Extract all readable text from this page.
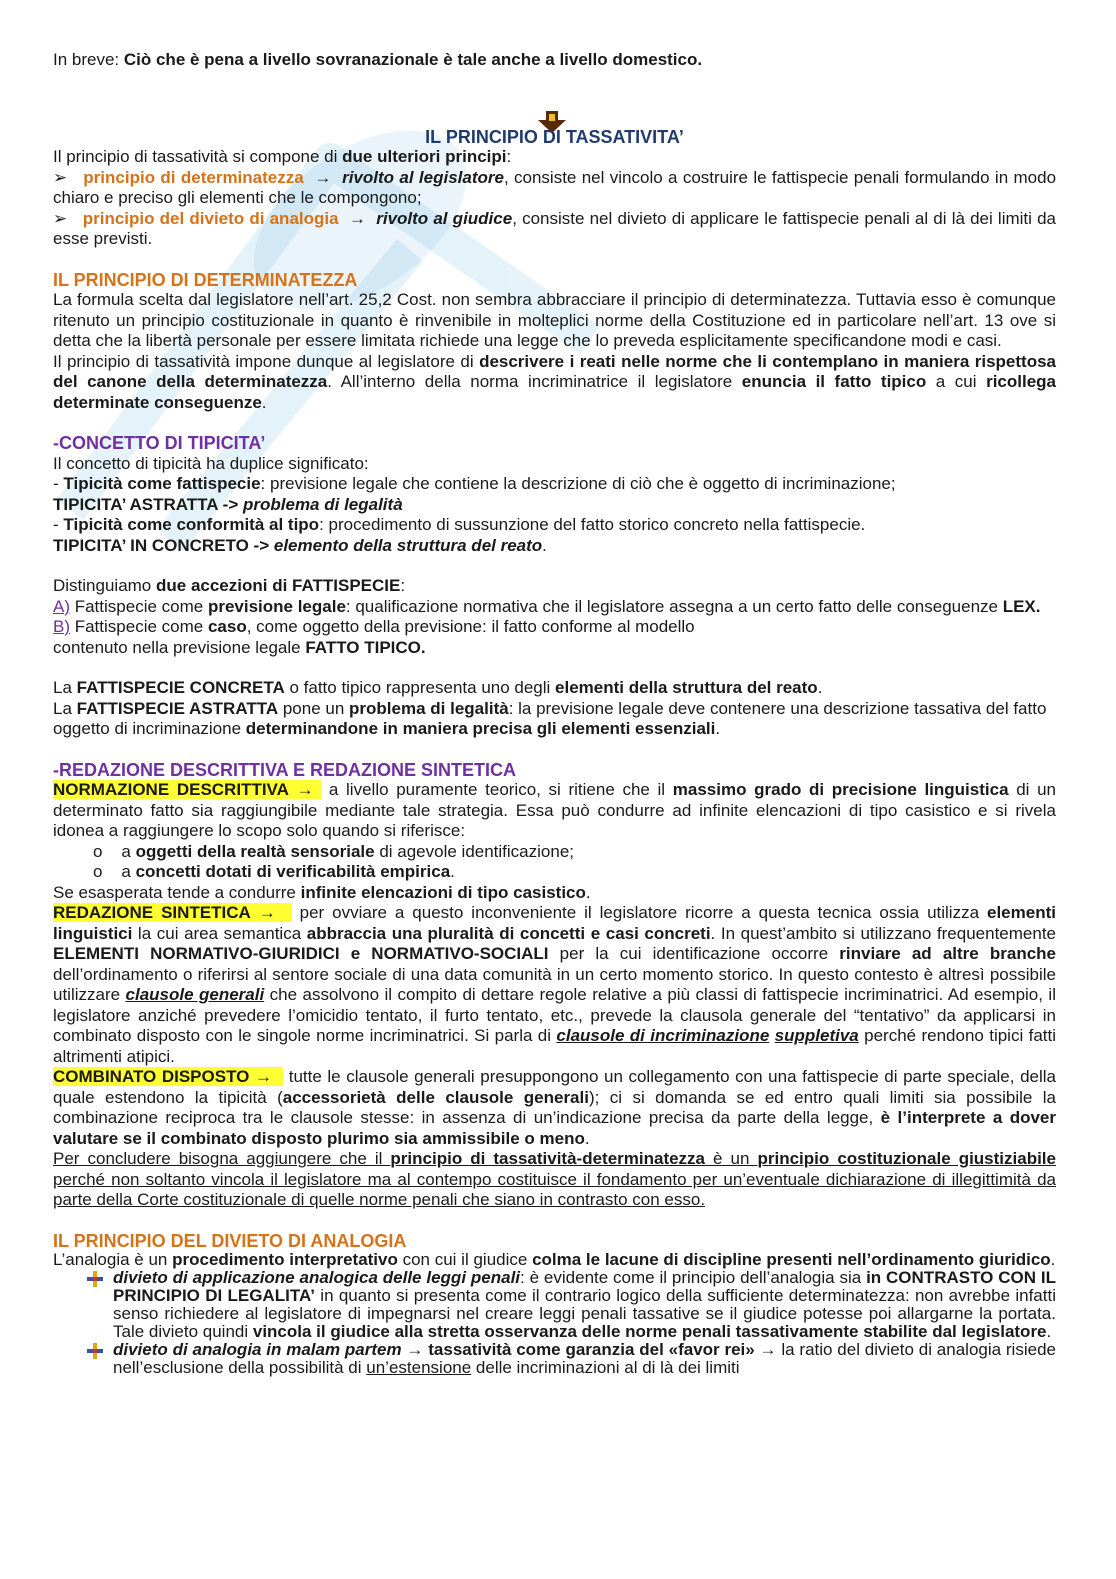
In breve: Ciò che è pena a livello sovranazionale è tale anche a livello domestico.

IL PRINCIPIO DI TASSATIVITA’

Il principio di tassatività si compone di due ulteriori principi:

➢ principio di determinatezza → rivolto al legislatore, consiste nel vincolo a costruire le fattispecie penali formulando in modo chiaro e preciso gli elementi che le compongono;

➢ principio del divieto di analogia → rivolto al giudice, consiste nel divieto di applicare le fattispecie penali al di là dei limiti da esse previsti.

IL PRINCIPIO DI DETERMINATEZZA

La formula scelta dal legislatore nell’art. 25,2 Cost. non sembra abbracciare il principio di determinatezza. Tuttavia esso è comunque ritenuto un principio costituzionale in quanto è rinvenibile in molteplici norme della Costituzione ed in particolare nell’art. 13 ove si detta che la libertà personale per essere limitata richiede una legge che lo preveda esplicitamente specificandone modi e casi.

Il principio di tassatività impone dunque al legislatore di descrivere i reati nelle norme che li contemplano in maniera rispettosa del canone della determinatezza. All’interno della norma incriminatrice il legislatore enuncia il fatto tipico a cui ricollega determinate conseguenze.

-CONCETTO DI TIPICITA’

Il concetto di tipicità ha duplice significato:

- Tipicità come fattispecie: previsione legale che contiene la descrizione di ciò che è oggetto di incriminazione;

TIPICITA’ ASTRATTA -> problema di legalità

- Tipicità come conformità al tipo: procedimento di sussunzione del fatto storico concreto nella fattispecie.

TIPICITA’ IN CONCRETO -> elemento della struttura del reato.

Distinguiamo due accezioni di FATTISPECIE:

A) Fattispecie come previsione legale: qualificazione normativa che il legislatore assegna a un certo fatto delle conseguenze LEX.

B) Fattispecie come caso, come oggetto della previsione: il fatto conforme al modello

contenuto nella previsione legale FATTO TIPICO.

La FATTISPECIE CONCRETA o fatto tipico rappresenta uno degli elementi della struttura del reato.

La FATTISPECIE ASTRATTA pone un problema di legalità: la previsione legale deve contenere una descrizione tassativa del fatto oggetto di incriminazione determinandone in maniera precisa gli elementi essenziali.

-REDAZIONE DESCRITTIVA E REDAZIONE SINTETICA

NORMAZIONE DESCRITTIVA →  a livello puramente teorico, si ritiene che il massimo grado di precisione linguistica di un determinato fatto sia raggiungibile mediante tale strategia. Essa può condurre ad infinite elencazioni di tipo casistico e si rivela idonea a raggiungere lo scopo solo quando si riferisce:

o a oggetti della realtà sensoriale di agevole identificazione;

o a concetti dotati di verificabilità empirica.

Se esasperata tende a condurre infinite elencazioni di tipo casistico.

REDAZIONE SINTETICA →   per ovviare a questo inconveniente il legislatore ricorre a questa tecnica ossia utilizza elementi linguistici la cui area semantica abbraccia una pluralità di concetti e casi concreti. In quest’ambito si utilizzano frequentemente ELEMENTI NORMATIVO-GIURIDICI e NORMATIVO-SOCIALI per la cui identificazione occorre rinviare ad altre branche dell’ordinamento o riferirsi al sentore sociale di una data comunità in un certo momento storico. In questo contesto è altresì possibile utilizzare clausole generali che assolvono il compito di dettare regole relative a più classi di fattispecie incriminatrici. Ad esempio, il legislatore anziché prevedere l’omicidio tentato, il furto tentato, etc., prevede la clausola generale del “tentativo” da applicarsi in combinato disposto con le singole norme incriminatrici. Si parla di clausole di incriminazione suppletiva perché rendono tipici fatti altrimenti atipici.

COMBINATO DISPOSTO →   tutte le clausole generali presuppongono un collegamento con una fattispecie di parte speciale, della quale estendono la tipicità (accessorietà delle clausole generali); ci si domanda se ed entro quali limiti sia possibile la combinazione reciproca tra le clausole stesse: in assenza di un’indicazione precisa da parte della legge, è l’interprete a dover valutare se il combinato disposto plurimo sia ammissibile o meno.

Per concludere bisogna aggiungere che il principio di tassatività-determinatezza è un principio costituzionale giustiziabile perché non soltanto vincola il legislatore ma al contempo costituisce il fondamento per un’eventuale dichiarazione di illegittimità da parte della Corte costituzionale di quelle norme penali che siano in contrasto con esso.

IL PRINCIPIO DEL DIVIETO DI ANALOGIA

L’analogia è un procedimento interpretativo con cui il giudice colma le lacune di discipline presenti nell’ordinamento giuridico.

divieto di applicazione analogica delle leggi penali: è evidente come il principio dell’analogia sia in CONTRASTO CON IL PRINCIPIO DI LEGALITA’ in quanto si presenta come il contrario logico della sufficiente determinatezza: non avrebbe infatti senso richiedere al legislatore di impegnarsi nel creare leggi penali tassative se il giudice potesse poi allargarne la portata. Tale divieto quindi vincola il giudice alla stretta osservanza delle norme penali tassativamente stabilite dal legislatore.
divieto di analogia in malam partem → tassatività come garanzia del «favor rei» → la ratio del divieto di analogia risiede nell’esclusione della possibilità di un’estensione delle incriminazioni al di là dei limiti
